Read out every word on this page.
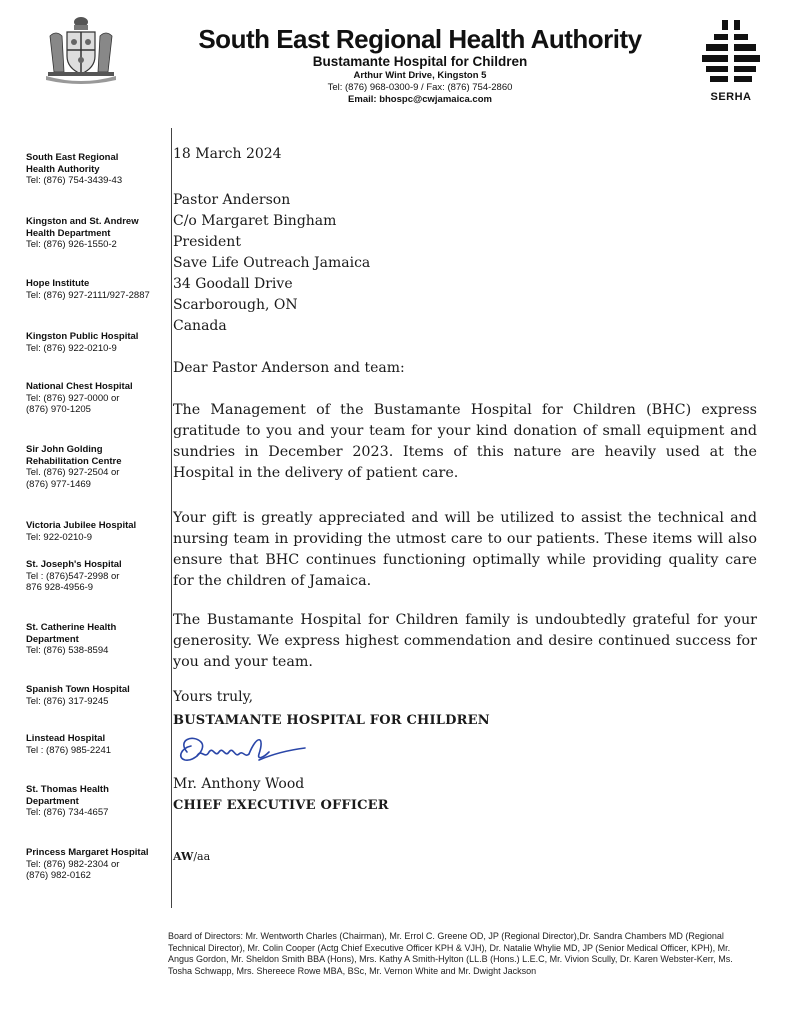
South East Regional Health Authority

Bustamante Hospital for Children

Arthur Wint Drive, Kingston 5

Tel: (876) 968-0300-9 / Fax: (876) 754-2860

Email: bhospc@cwjamaica.com	SERHA
South East Regional
Health Authority
Tel: (876) 754-3439-43
Kingston and St. Andrew
Health Department
Tel: (876) 926-1550-2
Hope Institute
Tel: (876) 927-2111/927-2887
Kingston Public Hospital
Tel: (876) 922-0210-9
National Chest Hospital
Tel: (876) 927-0000 or
(876) 970-1205
Sir John Golding
Rehabilitation Centre
Tel. (876) 927-2504 or
(876) 977-1469
Victoria Jubilee Hospital
Tel: 922-0210-9
St. Joseph's Hospital
Tel : (876)547-2998 or
876 928-4956-9
St. Catherine Health
Department
Tel: (876) 538-8594
Spanish Town Hospital
Tel: (876) 317-9245
Linstead Hospital
Tel : (876) 985-2241
St. Thomas Health
Department
Tel: (876) 734-4657
Princess Margaret Hospital
Tel: (876) 982-2304 or
(876) 982-0162
18 March 2024
Pastor Anderson
C/o Margaret Bingham
President
Save Life Outreach Jamaica
34 Goodall Drive
Scarborough, ON
Canada
Dear Pastor Anderson and team:
The Management of the Bustamante Hospital for Children (BHC) express gratitude to you and your team for your kind donation of small equipment and sundries in December 2023. Items of this nature are heavily used at the Hospital in the delivery of patient care.
Your gift is greatly appreciated and will be utilized to assist the technical and nursing team in providing the utmost care to our patients. These items will also ensure that BHC continues functioning optimally while providing quality care for the children of Jamaica.
The Bustamante Hospital for Children family is undoubtedly grateful for your generosity. We express highest commendation and desire continued success for you and your team.
Yours truly,
BUSTAMANTE HOSPITAL FOR CHILDREN
Mr. Anthony Wood
CHIEF EXECUTIVE OFFICER
AW/aa
Board of Directors: Mr. Wentworth Charles (Chairman), Mr. Errol C. Greene OD, JP (Regional Director),Dr. Sandra Chambers MD (Regional Technical Director), Mr. Colin Cooper (Actg Chief Executive Officer KPH & VJH), Dr. Natalie Whylie MD, JP (Senior Medical Officer, KPH), Mr. Angus Gordon, Mr. Sheldon Smith BBA (Hons), Mrs. Kathy A Smith-Hylton (LL.B (Hons.) L.E.C, Mr. Vivion Scully, Dr. Karen Webster-Kerr, Ms. Tosha Schwapp, Mrs. Shereece Rowe MBA, BSc, Mr. Vernon White and Mr. Dwight Jackson
